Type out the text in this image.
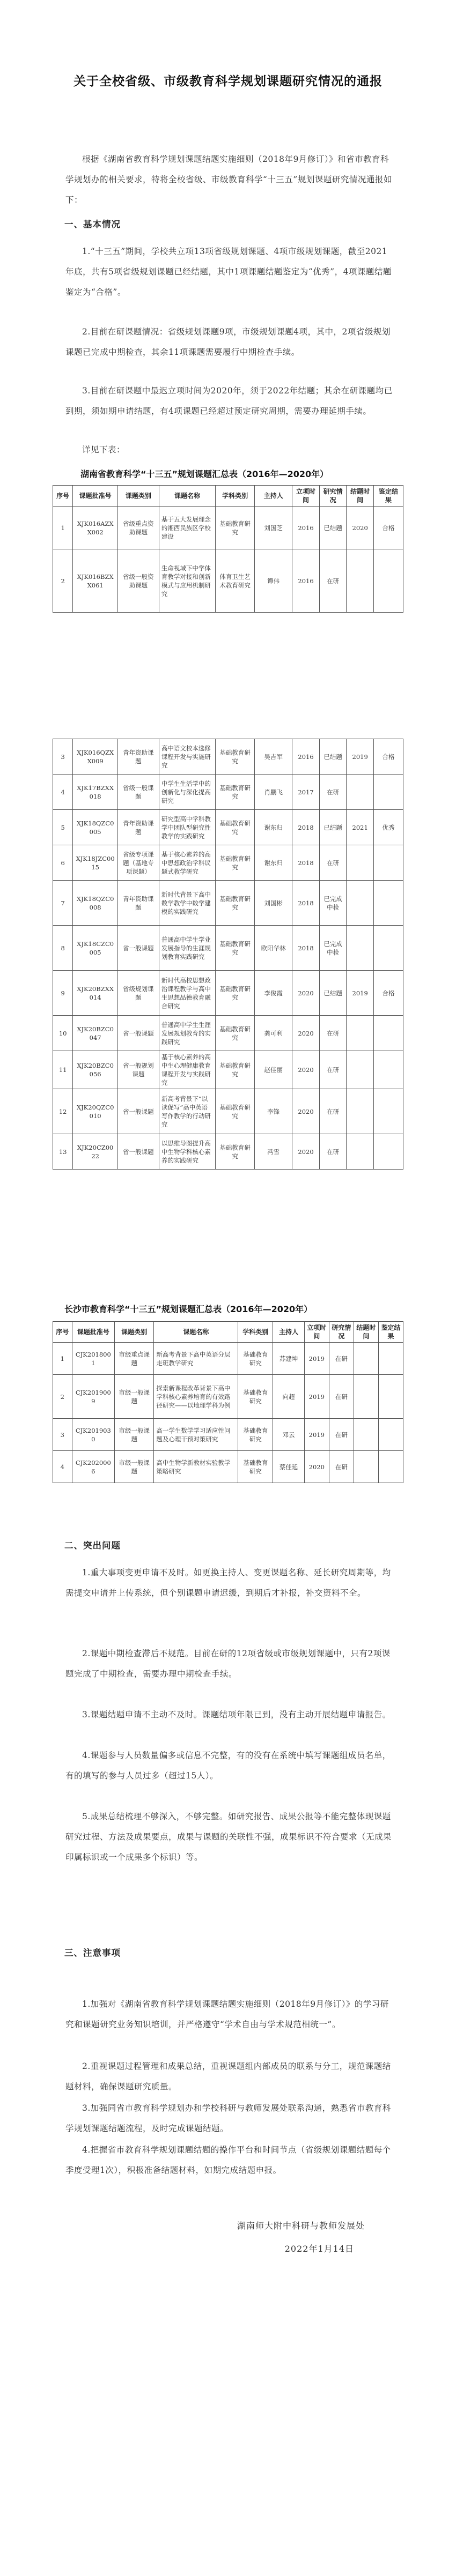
关于全校省级、市级教育科学规划课题研究情况的通报

根据《湖南省教育科学规划课题结题实施细则（2018年9月修订）》和省市教育科学规划办的相关要求，特将全校省级、市级教育科学“十三五”规划课题研究情况通报如下：

一、基本情况

1.“十三五”期间，学校共立项13项省级规划课题、4项市级规划课题，截至2021年底，共有5项省级规划课题已经结题，其中1项课题结题鉴定为“优秀”，4项课题结题鉴定为“合格”。

2.目前在研课题情况：省级规划课题9项，市级规划课题4项，其中，2项省级规划课题已完成中期检查，其余11项课题需要履行中期检查手续。

3.目前在研课题中最迟立项时间为2020年，须于2022年结题；其余在研课题均已到期，须如期申请结题，有4项课题已经超过预定研究周期，需要办理延期手续。

详见下表：

湖南省教育科学“十三五”规划课题汇总表（2016年—2020年）

序号	课题批准号	课题类别	课题名称	学科类别	主持人	立项时间	研究情况	结题时间	鉴定结果
1	XJK016AZXX002	省级重点资助课题	基于五大发展理念的湘西民族区学校建设	基础教育研究	刘国芝	2016	已结题	2020	合格
2	XJK016BZXX061	省级一般资助课题	生命视域下中学体育教学对接和创新模式与应用机制研究	体育卫生艺术教育研究	谭伟	2016	在研		
3	XJK016QZXX009	青年资助课题	高中语文校本选修课程开发与实施研究	基础教育研究	吴吉军	2016	已结题	2019	合格
4	XJK17BZXX018	省级一般课题	中学生生活学中的创新化与深化提高研究	基础教育研究	肖鹏飞	2017	在研		
5	XJK18QZC0005	青年资助课题	研究型高中学科教学中团队型研究性教学的实践研究	基础教育研究	谢东归	2018	已结题	2021	优秀
6	XJK18JZC0015	省级专项课题（基地专项课题）	基于核心素养的高中思想政治学科议题式教学研究	基础教育研究	谢东归	2018	在研		
7	XJK18QZC0008	青年资助课题	新时代背景下高中数学教学中数学建模的实践研究	基础教育研究	刘国彬	2018	已完成中检		
8	XJK18CZC0005	省一般课题	普通高中学生学业发展指导的生涯规划教育实践研究	基础教育研究	欧阳华林	2018	已完成中检		
9	XJK20BZXX014	省级规划课题	新时代高校思想政治课程教学与高中生思想品德教育融合研究	基础教育研究	李俊霞	2020	已结题	2019	合格
10	XJK20BZC0047	省一般课题	普通高中学生生涯发展规划教育的实践研究	基础教育研究	龚可利	2020	在研		
11	XJK20BZC0056	省一般规划课题	基于核心素养的高中生心理健康教育课程开发与实践研究	基础教育研究	赵佳丽	2020	在研		
12	XJK20QZC0010	省一般课题	新高考背景下“以读促写”高中英语写作教学的行动研究	基础教育研究	李锋	2020	在研		
13	XJK20CZ0022	省一般课题	以思维导图提升高中生物学科核心素养的实践研究	基础教育研究	冯雪	2020	在研		

长沙市教育科学“十三五”规划课题汇总表（2016年—2020年）

序号	课题批准号	课题类别	课题名称	学科类别	主持人	立项时间	研究情况	结题时间	鉴定结果
1	CJK2018001	市级重点课题	新高考背景下高中英语分层走班教学研究	基础教育研究	苏建坤	2019	在研		
2	CJK2019009	市级一般课题	探索新课程改革背景下高中学科核心素养培育的有效路径研究——以地理学科为例	基础教育研究	向超	2019	在研		
3	CJK2019030	市级一般课题	高一学生数学学习适应性问题及心理干预对策研究	基础教育研究	邓云	2019	在研		
4	CJK2020006	市级一般课题	高中生物学新教材实验教学策略研究	基础教育研究	蔡佳延	2020	在研		
二、突出问题

1.重大事项变更申请不及时。如更换主持人、变更课题名称、延长研究周期等，均需提交申请并上传系统，但个别课题申请迟缓，到期后才补报，补交资料不全。

2.课题中期检查滞后不规范。目前在研的12项省级或市级规划课题中，只有2项课题完成了中期检查，需要办理中期检查手续。

3.课题结题申请不主动不及时。课题结项年限已到，没有主动开展结题申请报告。

4.课题参与人员数量偏多或信息不完整，有的没有在系统中填写课题组成员名单，有的填写的参与人员过多（超过15人）。

5.成果总结梳理不够深入，不够完整。如研究报告、成果公报等不能完整体现课题研究过程、方法及成果要点，成果与课题的关联性不强，成果标识不符合要求（无成果印属标识或一个成果多个标识）等。

三、注意事项

1.加强对《湖南省教育科学规划课题结题实施细则（2018年9月修订）》的学习研究和课题研究业务知识培训，并严格遵守“学术自由与学术规范相统一”。

2.重视课题过程管理和成果总结，重视课题组内部成员的联系与分工，规范课题结题材料，确保课题研究质量。

3.加强同省市教育科学规划办和学校科研与教师发展处联系沟通，熟悉省市教育科学规划课题结题流程，及时完成课题结题。

4.把握省市教育科学规划课题结题的操作平台和时间节点（省级规划课题结题每个季度受理1次），积极准备结题材料，如期完成结题申报。

湖南师大附中科研与教师发展处

2022年1月14日
